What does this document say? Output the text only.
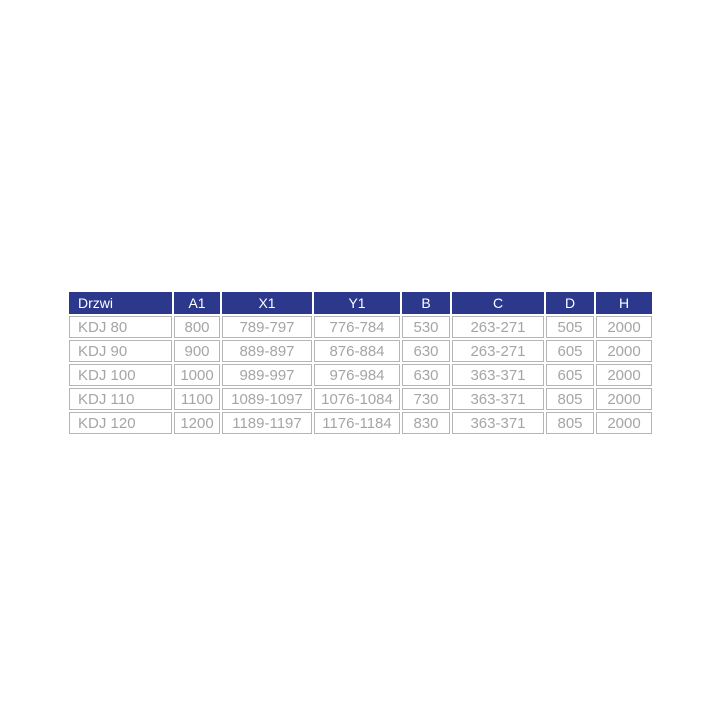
Drzwi	A1	X1	Y1	B	C	D	H
KDJ 80	800	789-797	776-784	530	263-271	505	2000
KDJ 90	900	889-897	876-884	630	263-271	605	2000
KDJ 100	1000	989-997	976-984	630	363-371	605	2000
KDJ 110	1100	1089-1097	1076-1084	730	363-371	805	2000
KDJ 120	1200	1189-1197	1176-1184	830	363-371	805	2000
